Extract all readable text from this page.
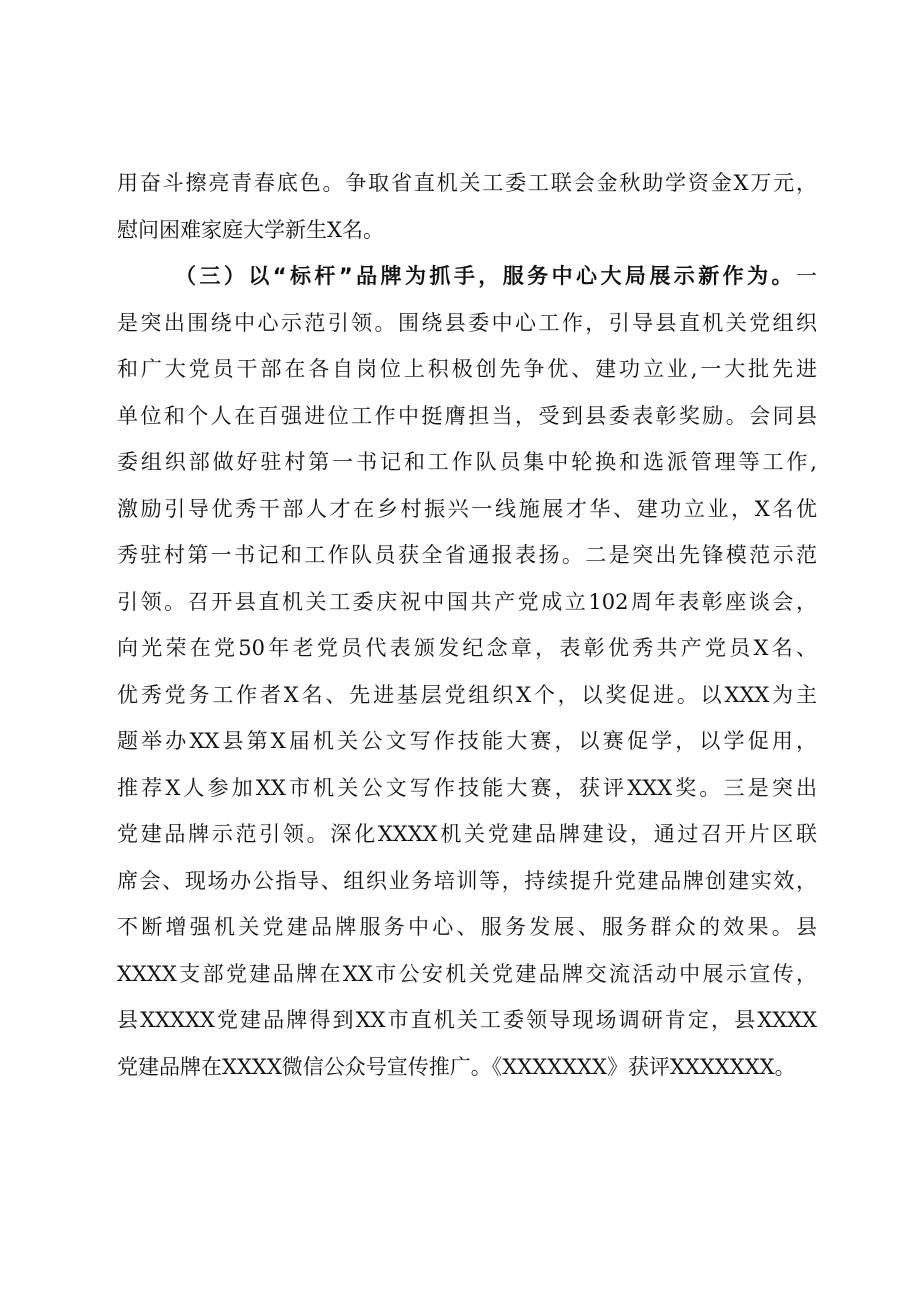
用奋斗擦亮青春底色。争取省直机关工委工联会金秋助学资金X万元，
慰问困难家庭大学新生X名。
（三）以“标杆”品牌为抓手，服务中心大局展示新作为。一
是突出围绕中心示范引领。围绕县委中心工作，引导县直机关党组织
和广大党员干部在各自岗位上积极创先争优、建功立业,一大批先进
单位和个人在百强进位工作中挺膺担当，受到县委表彰奖励。会同县
委组织部做好驻村第一书记和工作队员集中轮换和选派管理等工作,
激励引导优秀干部人才在乡村振兴一线施展才华、建功立业，X名优
秀驻村第一书记和工作队员获全省通报表扬。二是突出先锋模范示范
引领。召开县直机关工委庆祝中国共产党成立102周年表彰座谈会，
向光荣在党50年老党员代表颁发纪念章，表彰优秀共产党员X名、
优秀党务工作者X名、先进基层党组织X个，以奖促进。以XXX为主
题举办XX县第X届机关公文写作技能大赛，以赛促学，以学促用，
推荐X人参加XX市机关公文写作技能大赛，获评XXX奖。三是突出
党建品牌示范引领。深化XXXX机关党建品牌建设，通过召开片区联
席会、现场办公指导、组织业务培训等，持续提升党建品牌创建实效，
不断增强机关党建品牌服务中心、服务发展、服务群众的效果。县
XXXX支部党建品牌在XX市公安机关党建品牌交流活动中展示宣传，
县XXXXX党建品牌得到XX市直机关工委领导现场调研肯定，县XXXX
党建品牌在XXXX微信公众号宣传推广。《XXXXXXX》获评XXXXXXX。
